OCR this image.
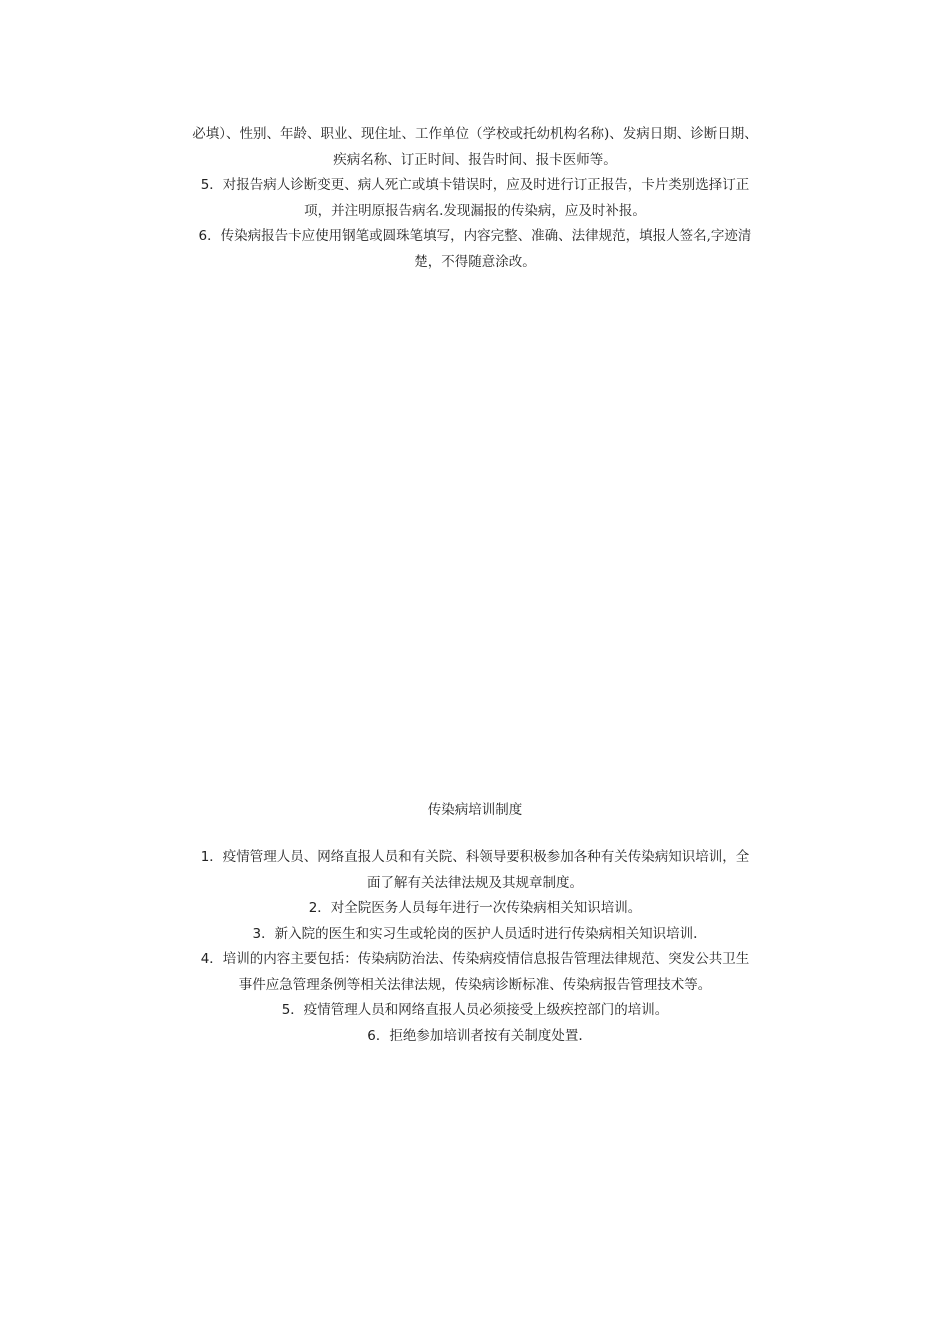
必填）、性别、年龄、职业、现住址、工作单位（学校或托幼机构名称)、发病日期、诊断日期、
疾病名称、订正时间、报告时间、报卡医师等。
5．对报告病人诊断变更、病人死亡或填卡错误时，应及时进行订正报告，卡片类别选择订正
项，并注明原报告病名.发现漏报的传染病，应及时补报。
6．传染病报告卡应使用钢笔或圆珠笔填写，内容完整、准确、法律规范，填报人签名,字迹清
楚，不得随意涂改。
传染病培训制度
1．疫情管理人员、网络直报人员和有关院、科领导要积极参加各种有关传染病知识培训，全
面了解有关法律法规及其规章制度。
2．对全院医务人员每年进行一次传染病相关知识培训。
3．新入院的医生和实习生或轮岗的医护人员适时进行传染病相关知识培训.
4．培训的内容主要包括：传染病防治法、传染病疫情信息报告管理法律规范、突发公共卫生
事件应急管理条例等相关法律法规，传染病诊断标准、传染病报告管理技术等。
5．疫情管理人员和网络直报人员必须接受上级疾控部门的培训。
6．拒绝参加培训者按有关制度处置.
